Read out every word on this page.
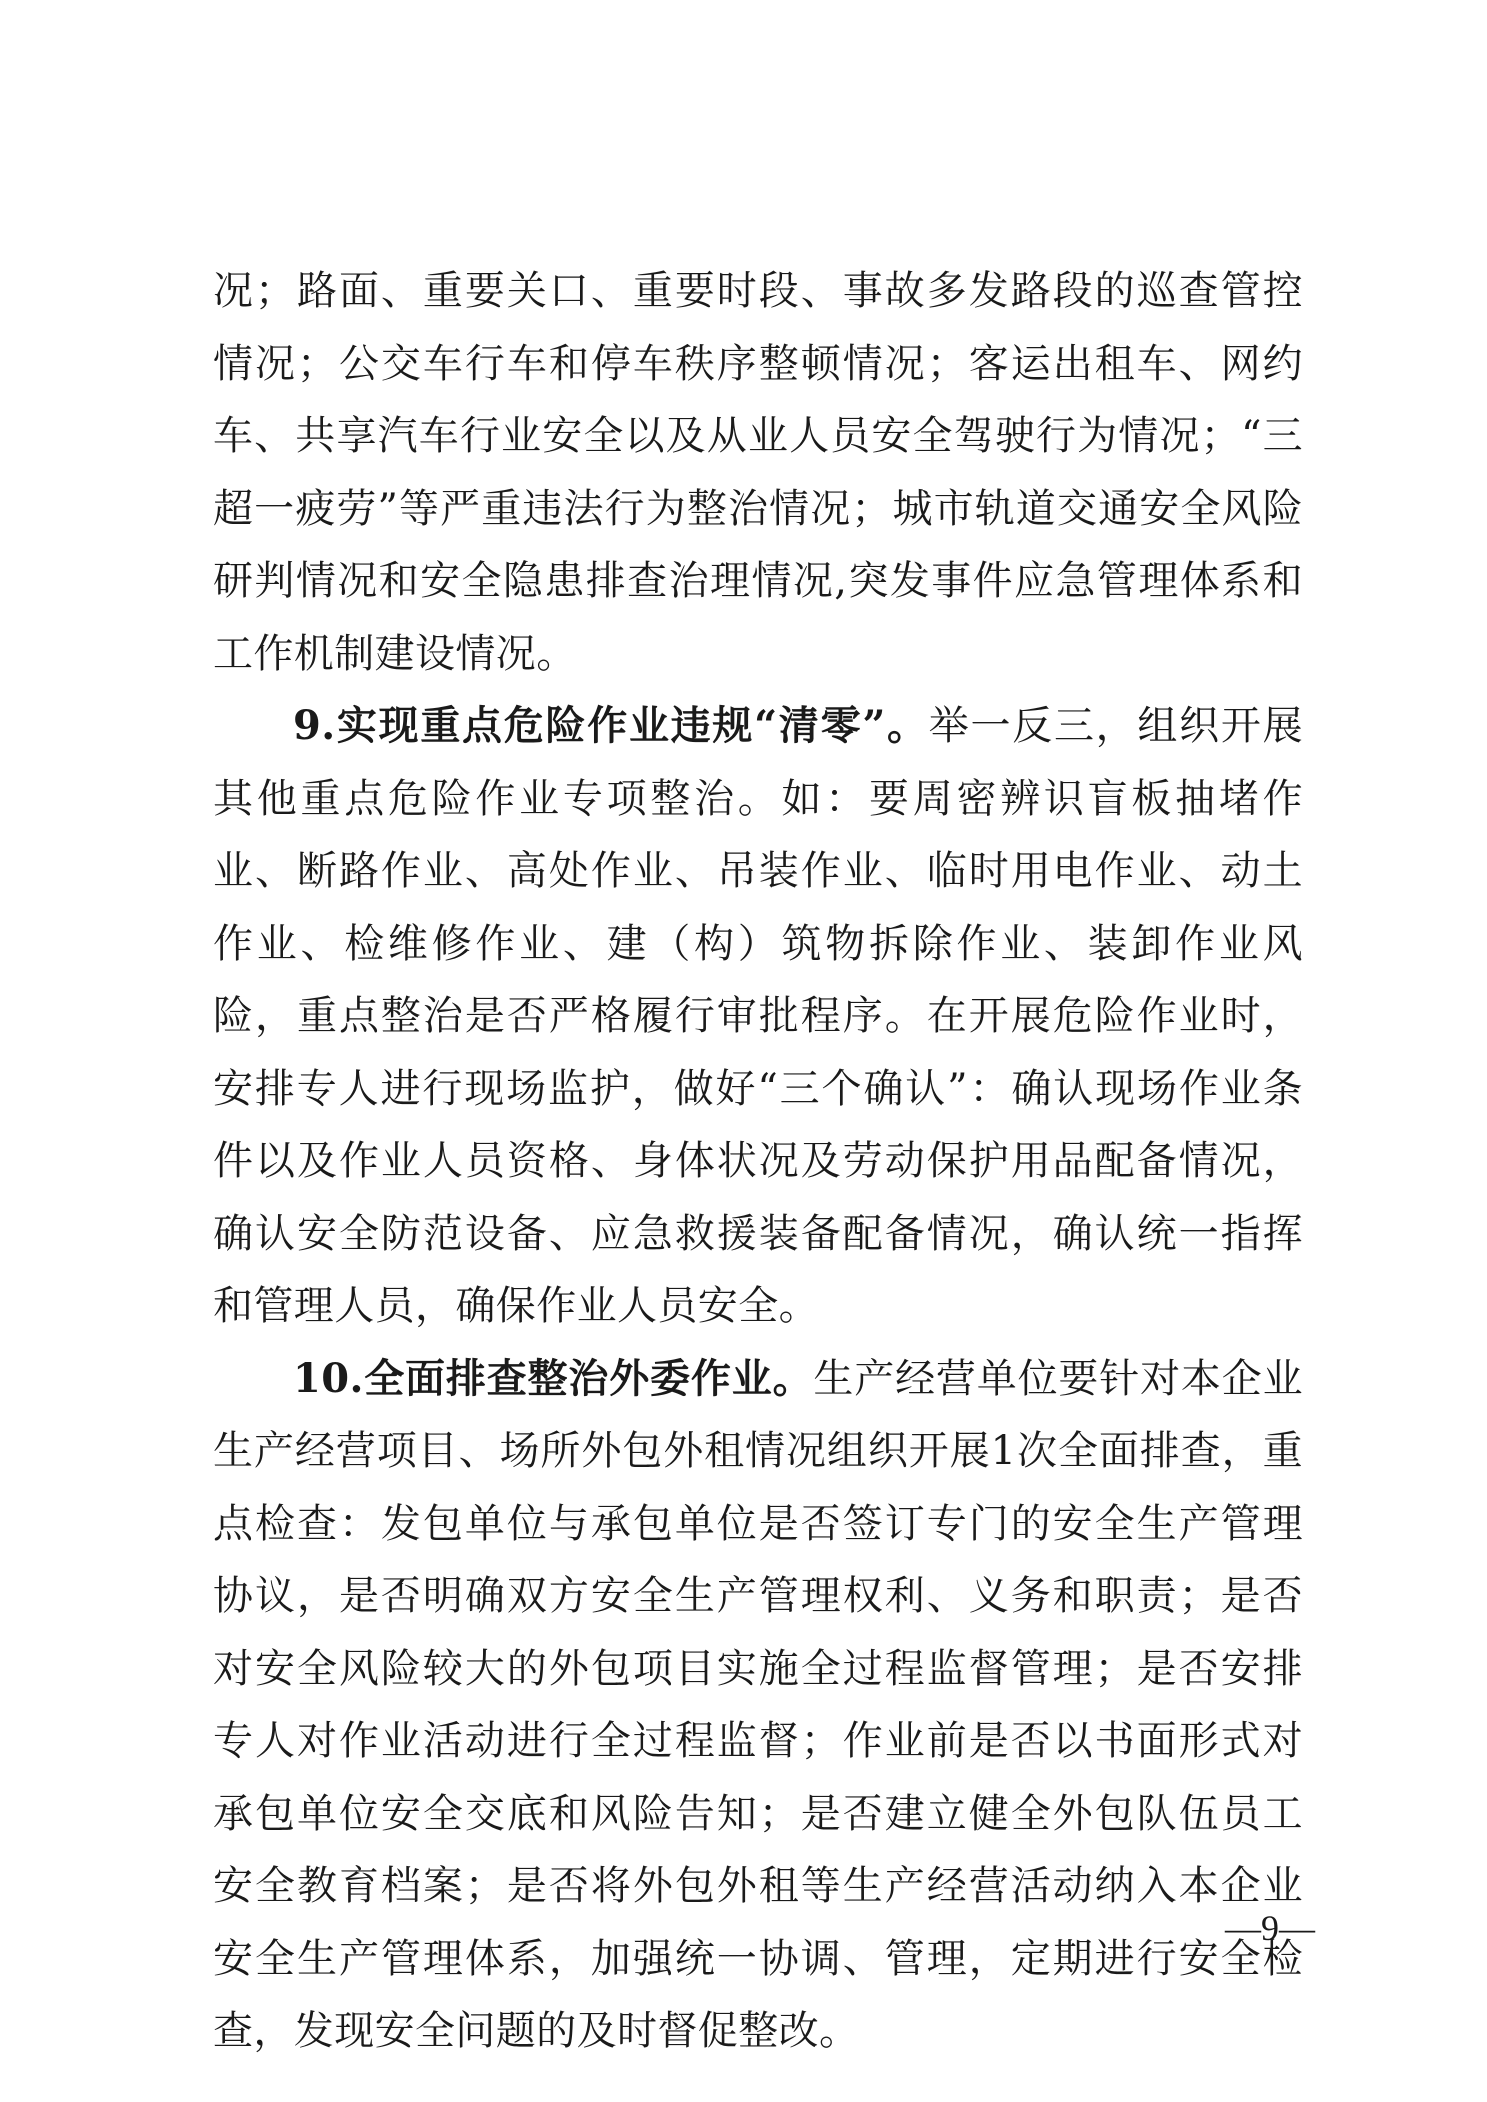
况；路面、重要关口、重要时段、事故多发路段的巡查管控情况；公交车行车和停车秩序整顿情况；客运出租车、网约车、共享汽车行业安全以及从业人员安全驾驶行为情况；“三超一疲劳”等严重违法行为整治情况；城市轨道交通安全风险研判情况和安全隐患排查治理情况,突发事件应急管理体系和工作机制建设情况。

9.实现重点危险作业违规“清零”。举一反三，组织开展其他重点危险作业专项整治。如：要周密辨识盲板抽堵作业、断路作业、高处作业、吊装作业、临时用电作业、动土作业、检维修作业、建（构）筑物拆除作业、装卸作业风险，重点整治是否严格履行审批程序。在开展危险作业时，安排专人进行现场监护，做好“三个确认”：确认现场作业条件以及作业人员资格、身体状况及劳动保护用品配备情况，确认安全防范设备、应急救援装备配备情况，确认统一指挥和管理人员，确保作业人员安全。

10.全面排查整治外委作业。生产经营单位要针对本企业生产经营项目、场所外包外租情况组织开展1次全面排查，重点检查：发包单位与承包单位是否签订专门的安全生产管理协议，是否明确双方安全生产管理权利、义务和职责；是否对安全风险较大的外包项目实施全过程监督管理；是否安排专人对作业活动进行全过程监督；作业前是否以书面形式对承包单位安全交底和风险告知；是否建立健全外包队伍员工安全教育档案；是否将外包外租等生产经营活动纳入本企业安全生产管理体系，加强统一协调、管理，定期进行安全检查，发现安全问题的及时督促整改。

—9—
